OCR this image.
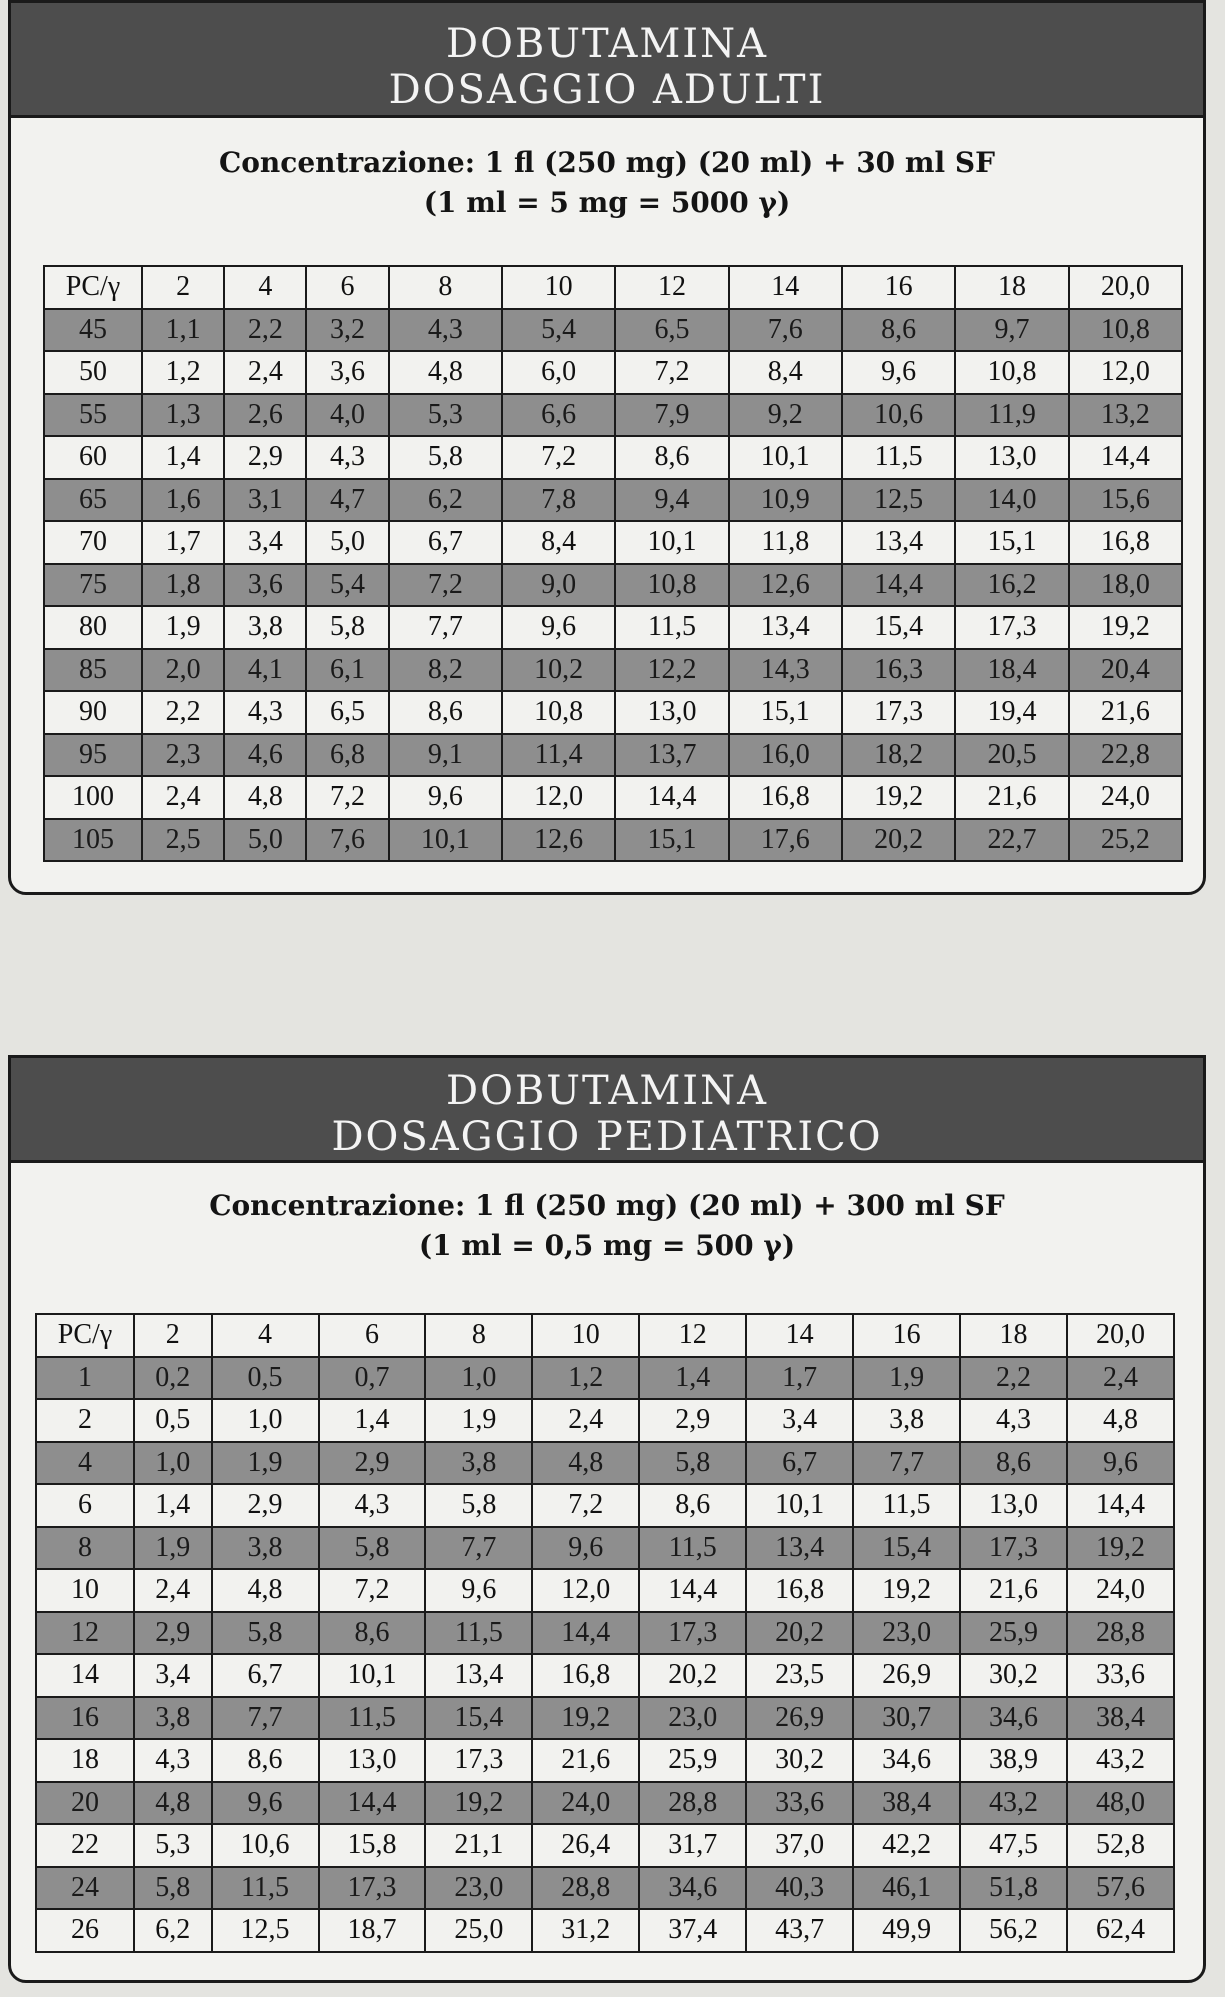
DOBUTAMINA
DOSAGGIO ADULTI
Concentrazione: 1 fl (250 mg) (20 ml) + 30 ml SF
(1 ml = 5 mg = 5000 γ)
PC/γ	2	4	6	8	10	12	14	16	18	20,0
45	1,1	2,2	3,2	4,3	5,4	6,5	7,6	8,6	9,7	10,8
50	1,2	2,4	3,6	4,8	6,0	7,2	8,4	9,6	10,8	12,0
55	1,3	2,6	4,0	5,3	6,6	7,9	9,2	10,6	11,9	13,2
60	1,4	2,9	4,3	5,8	7,2	8,6	10,1	11,5	13,0	14,4
65	1,6	3,1	4,7	6,2	7,8	9,4	10,9	12,5	14,0	15,6
70	1,7	3,4	5,0	6,7	8,4	10,1	11,8	13,4	15,1	16,8
75	1,8	3,6	5,4	7,2	9,0	10,8	12,6	14,4	16,2	18,0
80	1,9	3,8	5,8	7,7	9,6	11,5	13,4	15,4	17,3	19,2
85	2,0	4,1	6,1	8,2	10,2	12,2	14,3	16,3	18,4	20,4
90	2,2	4,3	6,5	8,6	10,8	13,0	15,1	17,3	19,4	21,6
95	2,3	4,6	6,8	9,1	11,4	13,7	16,0	18,2	20,5	22,8
100	2,4	4,8	7,2	9,6	12,0	14,4	16,8	19,2	21,6	24,0
105	2,5	5,0	7,6	10,1	12,6	15,1	17,6	20,2	22,7	25,2
DOBUTAMINA
DOSAGGIO PEDIATRICO
Concentrazione: 1 fl (250 mg) (20 ml) + 300 ml SF
(1 ml = 0,5 mg = 500 γ)
PC/γ	2	4	6	8	10	12	14	16	18	20,0
1	0,2	0,5	0,7	1,0	1,2	1,4	1,7	1,9	2,2	2,4
2	0,5	1,0	1,4	1,9	2,4	2,9	3,4	3,8	4,3	4,8
4	1,0	1,9	2,9	3,8	4,8	5,8	6,7	7,7	8,6	9,6
6	1,4	2,9	4,3	5,8	7,2	8,6	10,1	11,5	13,0	14,4
8	1,9	3,8	5,8	7,7	9,6	11,5	13,4	15,4	17,3	19,2
10	2,4	4,8	7,2	9,6	12,0	14,4	16,8	19,2	21,6	24,0
12	2,9	5,8	8,6	11,5	14,4	17,3	20,2	23,0	25,9	28,8
14	3,4	6,7	10,1	13,4	16,8	20,2	23,5	26,9	30,2	33,6
16	3,8	7,7	11,5	15,4	19,2	23,0	26,9	30,7	34,6	38,4
18	4,3	8,6	13,0	17,3	21,6	25,9	30,2	34,6	38,9	43,2
20	4,8	9,6	14,4	19,2	24,0	28,8	33,6	38,4	43,2	48,0
22	5,3	10,6	15,8	21,1	26,4	31,7	37,0	42,2	47,5	52,8
24	5,8	11,5	17,3	23,0	28,8	34,6	40,3	46,1	51,8	57,6
26	6,2	12,5	18,7	25,0	31,2	37,4	43,7	49,9	56,2	62,4
